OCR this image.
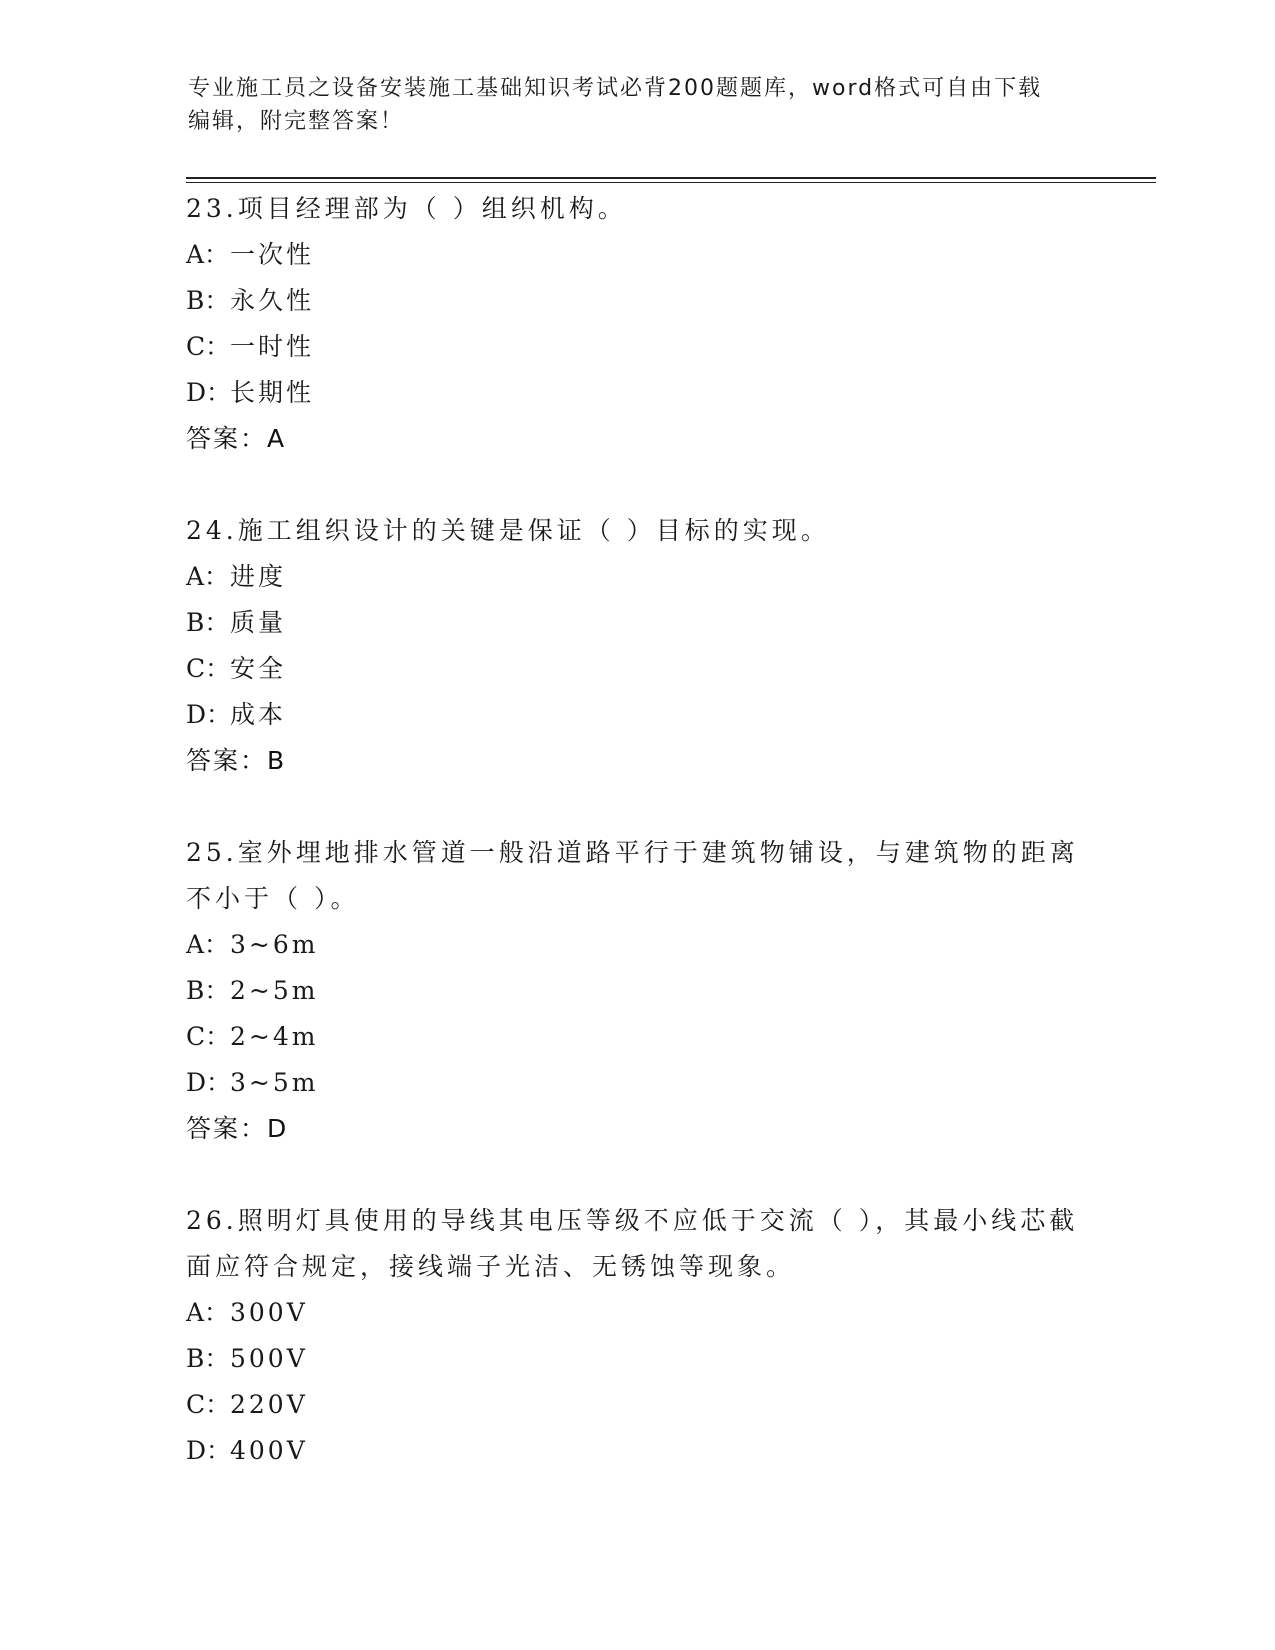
专业施工员之设备安装施工基础知识考试必背200题题库，word格式可自由下载
编辑，附完整答案！

23.项目经理部为（ ）组织机构。

A：一次性

B：永久性

C：一时性

D：长期性

答案：A

24.施工组织设计的关键是保证（ ）目标的实现。

A：进度

B：质量

C：安全

D：成本

答案：B

25.室外埋地排水管道一般沿道路平行于建筑物铺设，与建筑物的距离不小于（ ）。

A：3~6m

B：2~5m

C：2~4m

D：3~5m

答案：D

26.照明灯具使用的导线其电压等级不应低于交流（ ），其最小线芯截面应符合规定，接线端子光洁、无锈蚀等现象。

A：300V

B：500V

C：220V

D：400V
